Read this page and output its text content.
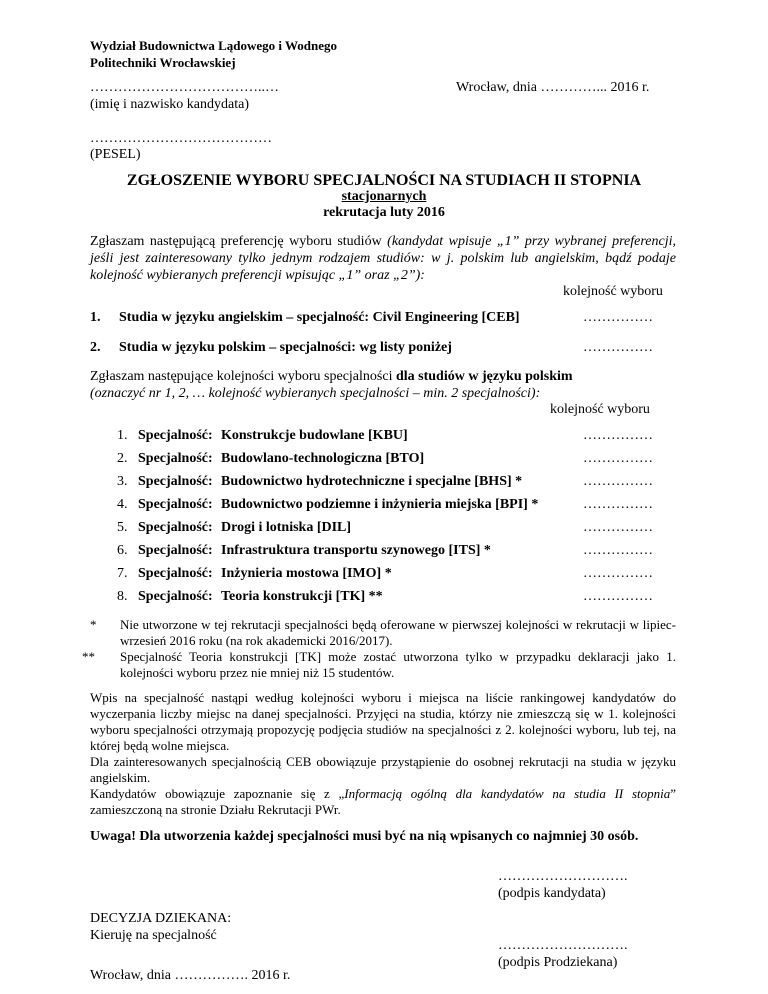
Wydział Budownictwa Lądowego i Wodnego
Politechniki Wrocławskiej
………………………………..…
(imię i nazwisko kandydata)
Wrocław, dnia …………... 2016 r.
…………………………………
(PESEL)
ZGŁOSZENIE WYBORU SPECJALNOŚCI NA STUDIACH II STOPNIA
stacjonarnych
rekrutacja luty 2016
Zgłaszam następującą preferencję wyboru studiów (kandydat wpisuje „1” przy wybranej preferencji, jeśli jest zainteresowany tylko jednym rodzajem studiów: w j. polskim lub angielskim, bądź podaje kolejność wybieranych preferencji wpisując „1” oraz „2”):
kolejność wyboru
1. Studia w języku angielskim – specjalność: Civil Engineering [CEB]	……………
2. Studia w języku polskim – specjalności: wg listy poniżej	……………
Zgłaszam następujące kolejności wyboru specjalności dla studiów w języku polskim
(oznaczyć nr 1, 2, … kolejność wybieranych specjalności – min. 2 specjalności):
kolejność wyboru
1. Specjalność: Konstrukcje budowlane [KBU]	……………
2. Specjalność: Budowlano-technologiczna [BTO]	……………
3. Specjalność: Budownictwo hydrotechniczne i specjalne [BHS] *	……………
4. Specjalność: Budownictwo podziemne i inżynieria miejska [BPI] *	……………
5. Specjalność: Drogi i lotniska [DIL]	……………
6. Specjalność: Infrastruktura transportu szynowego [ITS] *	……………
7. Specjalność: Inżynieria mostowa [IMO] *	……………
8. Specjalność: Teoria konstrukcji [TK] **	……………
* Nie utworzone w tej rekrutacji specjalności będą oferowane w pierwszej kolejności w rekrutacji w lipiec-wrzesień 2016 roku (na rok akademicki 2016/2017).
** Specjalność Teoria konstrukcji [TK] może zostać utworzona tylko w przypadku deklaracji jako 1. kolejności wyboru przez nie mniej niż 15 studentów.
Wpis na specjalność nastąpi według kolejności wyboru i miejsca na liście rankingowej kandydatów do wyczerpania liczby miejsc na danej specjalności. Przyjęci na studia, którzy nie zmieszczą się w 1. kolejności wyboru specjalności otrzymają propozycję podjęcia studiów na specjalności z 2. kolejności wyboru, lub tej, na której będą wolne miejsca.
Dla zainteresowanych specjalnością CEB obowiązuje przystąpienie do osobnej rekrutacji na studia w języku angielskim.
Kandydatów obowiązuje zapoznanie się z „Informacją ogólną dla kandydatów na studia II stopnia” zamieszczoną na stronie Działu Rekrutacji PWr.
Uwaga! Dla utworzenia każdej specjalności musi być na nią wpisanych co najmniej 30 osób.
……………………….
(podpis kandydata)
DECYZJA DZIEKANA:
Kieruję na specjalność
……………………….
(podpis Prodziekana)
Wrocław, dnia ……………. 2016 r.
